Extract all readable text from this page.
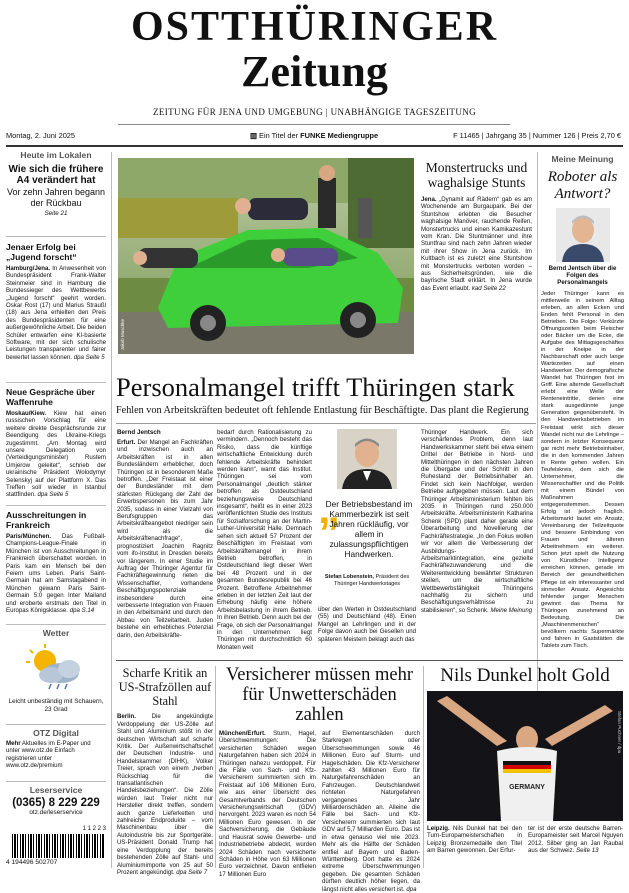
OSTTHÜRINGER
Zeitung
ZEITUNG FÜR JENA UND UMGEBUNG | UNABHÄNGIGE TAGESZEITUNG
Montag, 2. Juni 2025	▥ Ein Titel der FUNKE Mediengruppe	F 11465 | Jahrgang 35 | Nummer 126 | Preis 2,70 €
Heute im Lokalen
Wie sich die frühere A4 verändert hat
Vor zehn Jahren begann der Rückbau
Seite 21
Jenaer Erfolg bei „Jugend forscht“
Hamburg/Jena. In Anwesenheit von Bundespräsident Frank-Walter Steinmeier sind in Hamburg die Bundessieger des Wettbewerbs „Jugend forscht“ geehrt worden. Oskar Rost (17) und Marius Straußl (18) aus Jena erhielten den Preis des Bundespräsidenten für eine außergewöhnliche Arbeit. Die beiden Schüler entwarfen eine KI-basierte Software, mit der sich schulische Leistungen transparenter und fairer bewertet lassen können. dpa Seite 5
Neue Gespräche über Waffenruhe
Moskau/Kiew. Kiew hat einen russischen Vorschlag für eine weitere direkte Gesprächsrunde zur Beendigung des Ukraine-Kriegs zugestimmt. „Am Montag wird unsere Delegation von (Verteidigungsminister) Rustem Umjerow geleitet“, schrieb der ukrainische Präsident Wolodymyr Selenskyj auf der Plattform X. Das Treffen soll wieder in Istanbul stattfinden. dpa Seite 5
Ausschreitungen in Frankreich
Paris/München. Das Fußball-Champions-League-Finale in München ist von Ausschreitungen in Frankreich überschattet worden. In Paris kam ein Mensch bei den Feiern ums Leben. Paris Saint-Germain hat am Samstagabend in München gewann Paris Saint-Germain 5:0 gegen Inter Mailand und eroberte erstmals den Titel in Europas Königsklasse. dpa S.14
Wetter
Leicht unbeständig mit Schauern, 23 Grad
OTZ Digital
Mehr Aktuelles im E-Paper und unter www.otz.de Einfach registrieren unter www.otz.de/premium
Leserservice
(0365) 8 229 229
otz.de/leserservice
1 1 2 2 3
4 194496 502707
Jakob Maschke
Monstertrucks und waghalsige Stunts
Jena. „Dynamit auf Rädern“ gab es am Wochenende am Burgaupark. Bei der Stuntshow erlebten die Besucher waghalsige Manöver, rauchende Reifen, Monstertrucks und einen Kamikazestunt vom Kran. Die Stuntmänner und ihre Stuntfrau sind nach zehn Jahren wieder mit ihrer Show in Jena zurück. Im Kultbach ist es zuletzt eine Stuntshow mit Monstertrucks verboten worden – aus Sicherheitsgründen, wie die bayrische Stadt erklärt. In Jena wurde das Event erlaubt. kad Seite 22
Meine Meinung
Roboter als Antwort?
Bernd Jentsch über die Folgen des Personalmangels
Jeder Thüringer kann es mittlerweile in seinem Alltag erleben, an allen Ecken und Enden fehlt Personal in den Betrieben. Die Folge: Verkürzte Öffnungszeiten beim Fleischer oder Bäcker um die Ecke, die Aufgabe des Mittagsgeschäftes in der Kneipe in der Nachbarschaft oder auch lange Wartezeiten auf einen Handwerker. Der demografische Wandel hat Thüringen fest im Griff. Eine alternde Gesellschaft erlebt eine Welle der Renteneintritte, denen eine stark ausgedünnte junge Generation gegenübersteht. In den Handwerksbetrieben im Freistaat wirkt sich dieser Wandel nicht nur die Lehrlinge – sondern in letzter Konsequenz gar nicht mehr Betriebsinhaber, die in den kommenden Jahren in Rente gehen wollen. Ein Teufelskreis, dem sich die Unternehmer, die Wissenschaftler und die Politik mit einem Bündel von Maßnahmen entgegenstemmen. Dessen Erfolg ist jedoch fraglich. Arbeitsmarkt lautet ein Ansatz, Vereinbarung der Teilzeitquote und bessere Einbindung von Frauen und älteren Arbeitnehmern ein weiterer. Schon jetzt spielt die Nutzung von Künstlicher Intelligenz erreichen können, gerade im Bereich der gesundheitlichen Pflege ist ein interessanter und sinnvoller Ansatz. Angesichts fehlender junger Menschen gewinnt das Thema für Thüringen zunehmend an Bedeutung. Die „Maschinenmenschen“ bevölkern nachts Supermärkte und fahren in Gaststätten die Tablets zum Tisch.
Personalmangel trifft Thüringen stark
Fehlen von Arbeitskräften bedeutet oft fehlende Entlastung für Beschäftigte. Das plant die Regierung
Bernd Jentsch
Erfurt. Der Mangel an Fachkräften und inzwischen auch an Arbeitskräften ist in allen Bundesländern erheblicher, doch Thüringen ist in besonderem Maße betroffen. „Der Freistaat ist einer der Bundesländer mit dem stärksten Rückgang der Zahl der Erwerbspersonen bis zum Jahr 2035, sodass in einer Vielzahl von Berufsgruppen das Arbeitskräfteangebot niedriger sein wird als die Arbeitskräftenachfrage“, prognostiziert Joachim Ragnitz vom ifo-Institut in Dresden bereits vor längerem. In einer Studie im Auftrag der Thüringer Agentur für Fachkräftegewinnung rieten die Wissenschaftler, vorhandene Beschäftigungspotenziale – insbesondere durch eine verbesserte Integration von Frauen in den Arbeitsmarkt und durch den Abbau von Teilzeitarbeit. Juden bestehe ein erhebliches Potenzial darin, den Arbeitskräfte-
bedarf durch Rationalisierung zu vermindern. „Dennoch besteht das Risiko, dass die künftige wirtschaftliche Entwicklung durch fehlende Arbeitskräfte behindert werden kann“, warnt das Institut. Thüringen sei vom Personalmangel „deutlich stärker betroffen als Ostdeutschland beziehungsweise Deutschland insgesamt“, heißt es in einer 2023 veröffentlichten Studie des Instituts für Sozialforschung an der Martin-Luther-Universität Halle. Demnach sehen sich aktuell 57 Prozent der Beschäftigten im Freistaat vom Arbeitskräftemangel in ihrem Betrieb betroffen, in Ostdeutschland liegt dieser Wert bei 48 Prozent und in der gesamten Bundesrepublik bei 46 Prozent. Betroffene Arbeitnehmer erleben in der letzten Zeit laut der Erhebung häufig eine höhere Arbeitsbelastung in ihrem Betrieb. In ihren Betrieb. Denn auch bei der Frage, ob sich der Personalmangel in den Unternehmen liegt Thüringen mit durchschnittlich 60 Monaten weit
„
Der Betriebsbestand im Kammerbezirk ist seit Jahren rückläufig, vor allem in zulassungspflichtigen Handwerken.
Stefan Lobenstein, Präsident des Thüringer Handwerkstages
über den Werten in Ostdeutschland (55) und Deutschland (48). Einen Mangel an Lehrlingen und in der Folge davon auch bei Gesellen und späteren Meistern beklagt auch das
Thüringer Handwerk. Ein sich verschärfendes Problem, denn laut Handwerkskammer steht bei etwa einem Drittel der Betriebe in Nord- und Mittelthüringen in den nächsten Jahren die Übergabe und der Schritt in den Ruhestand der Betriebsinhaber an. Findet sich kein Nachfolger, werden Betriebe aufgegeben müssen. Laut dem Thüringer Arbeitsministerium fehlten bis 2035 in Thüringen rund 250.000 Arbeitskräfte. Arbeitsministerin Katharina Schenk (SPD) plant daher gerade eine Überarbeitung und Novellierung der Fachkräftestrategie. „In den Fokus wollen wir vor allem die Verbesserung der Ausbildungs- und Arbeitsmarktintegration, eine gezielte Fachkräftezuwanderung und die Weiterentwicklung bewährter Strukturen stellen, um die wirtschaftliche Wettbewerbsfähigkeit Thüringens nachhaltig zu sichern und Beschäftigungsverhältnisse zu stabilisieren“, so Schenk. Meine Meinung
Scharfe Kritik an US-Strafzöllen auf Stahl
Berlin.	Die angekündigte Verdoppelung der US-Zölle auf Stahl und Aluminium stößt in der deutschen Wirtschaft auf scharfe Kritik. Der Außenwirtschaftschef der Deutschen Industrie- und Handelskammer (DIHK), Volker Treier, sprach von einem „herben Rückschlag für die transatlantischen Handelsbeziehungen“. Die Zölle würden laut Treier nicht nur Hersteller direkt treffen, sondern auch ganze Lieferketten und zahlreiche Endprodukte – vom Maschinenbau über die Autoindustrie bis zur Sportgeräte. US-Präsident Donald Trump hat eine Verdopplung der bereits bestehenden Zölle auf Stahl- und Aluminiumimporte von 25 auf 50 Prozent angekündigt. dpa Seite 7
Versicherer müssen mehr für Unwetterschäden zahlen
München/Erfurt. Sturm, Hagel, Überschwemmungen: Die versicherten Schäden wegen Naturgefahren haben sich 2024 in Thüringen nahezu verdoppelt. Für die Fälle von Sach- und Kfz-Versicherern summierten sich im Freistaat auf 106 Millionen Euro, wie aus einer Übersicht des Gesamtverbands der Deutschen Versicherungswirtschaft (GDV) hervorgeht. 2023 waren es noch 54 Millionen Euro gewesen. In der Sachversicherung, die Gebäude und Hausrat sowie Gewerbe- und Industriebetriebe abdeckt, wurden 2024 Schäden nach versicherte Schäden in Höhe von 63 Millionen Euro verzeichnet. Davon entfielen 17 Millionen Euro
auf Elementarschäden durch Starkregen oder Überschwemmungen sowie 46 Millionen Euro auf Sturm- und Hagelschäden. Die Kfz-Versicherer zahlten 43 Millionen Euro für Naturgefahrenschäden an Fahrzeugen. Deutschlandweit richteten Naturgefahren vergangenes Jahr Milliardenschäden an. Alleine die Fälle bei Sach- und Kfz-Versicherern summierten sich laut GDV auf 5,7 Milliarden Euro. Das ist in etwa genauso viel wie 2023. Mehr als die Hälfte der Schäden entfiel auf Bayern und Baden-Württemberg. Dort hatte es 2024 extreme Überschwemmungen gegeben. Die gesamten Schäden dürften deutlich höher liegen, da längst nicht alles versichert ist. dpa
Nils Dunkel holt Gold
GERMANY
Stefan Puchner / dpa
Leipzig. Nils Dunkel hat bei den Turn-Europameisterschaften in Leipzig Bronzemedaille den Titel am Barren gewonnen. Der Erfur-
ter ist der erste deutsche Barren-Europameister seit Marcel Nguyen 2012. Silber ging an Jan Raubal aus der Schweiz. Seite 13
